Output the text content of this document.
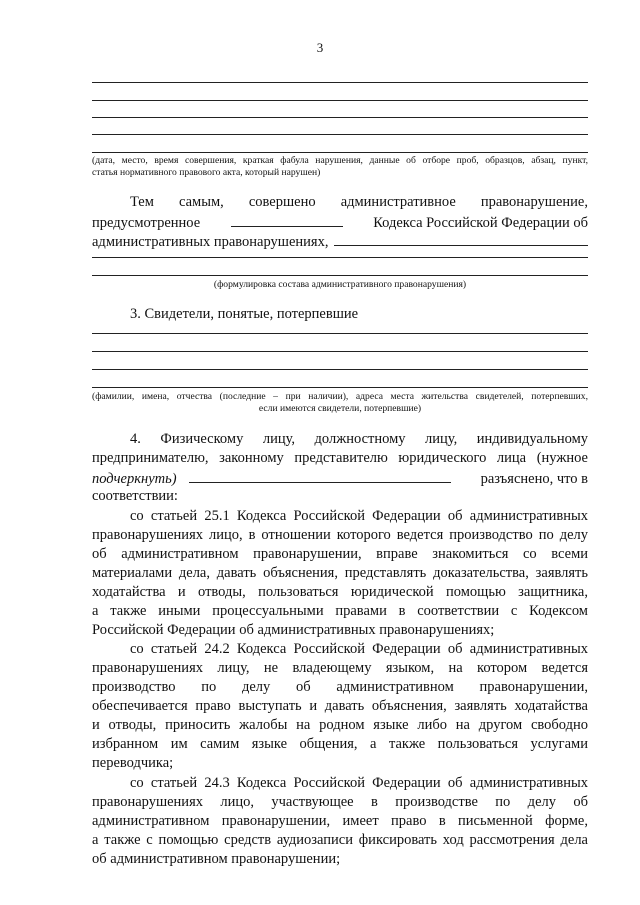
3
(дата, место, время совершения, краткая фабула нарушения, данные об отборе проб, образцов, абзац, пункт,
статья нормативного правового акта, который нарушен)
Тем самым, совершено административное правонарушение,
предусмотренное	Кодекса Российской Федерации об
административных правонарушениях,
(формулировка состава административного правонарушения)
3. Свидетели, понятые, потерпевшие
(фамилии, имена, отчества (последние – при наличии), адреса места жительства свидетелей, потерпевших,
если имеются свидетели, потерпевшие)
4. Физическому лицу, должностному лицу, индивидуальному
предпринимателю, законному представителю юридического лица (нужное
подчеркнуть)	разъяснено, что в
соответствии:
со статьей 25.1 Кодекса Российской Федерации об административных
правонарушениях лицо, в отношении которого ведется производство по делу
об административном правонарушении, вправе знакомиться со всеми
материалами дела, давать объяснения, представлять доказательства, заявлять
ходатайства и отводы, пользоваться юридической помощью защитника,
а также иными процессуальными правами в соответствии с Кодексом
Российской Федерации об административных правонарушениях;
со статьей 24.2 Кодекса Российской Федерации об административных
правонарушениях лицу, не владеющему языком, на котором ведется
производство по делу об административном правонарушении,
обеспечивается право выступать и давать объяснения, заявлять ходатайства
и отводы, приносить жалобы на родном языке либо на другом свободно
избранном им самим языке общения, а также пользоваться услугами
переводчика;
со статьей 24.3 Кодекса Российской Федерации об административных
правонарушениях лицо, участвующее в производстве по делу об
административном правонарушении, имеет право в письменной форме,
а также с помощью средств аудиозаписи фиксировать ход рассмотрения дела
об административном правонарушении;
